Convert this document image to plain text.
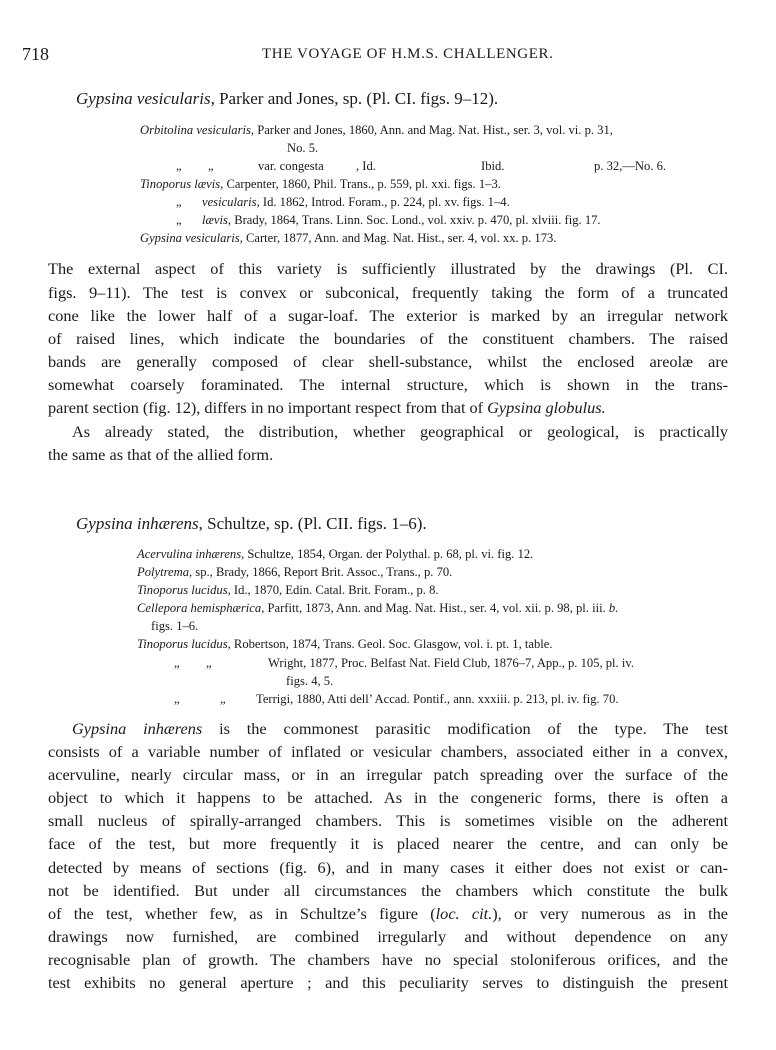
718	THE VOYAGE OF H.M.S. CHALLENGER.
Gypsina vesicularis, Parker and Jones, sp. (Pl. CI. figs. 9–12).
Orbitolina vesicularis, Parker and Jones, 1860, Ann. and Mag. Nat. Hist., ser. 3, vol. vi. p. 31,
No. 5.
„ „	var. congesta	, Id.	Ibid.	p. 32,—No. 6.
Tinoporus lævis, Carpenter, 1860, Phil. Trans., p. 559, pl. xxi. figs. 1–3.
„ vesicularis, Id. 1862, Introd. Foram., p. 224, pl. xv. figs. 1–4.
„ lævis, Brady, 1864, Trans. Linn. Soc. Lond., vol. xxiv. p. 470, pl. xlviii. fig. 17.
Gypsina vesicularis, Carter, 1877, Ann. and Mag. Nat. Hist., ser. 4, vol. xx. p. 173.
The external aspect of this variety is sufficiently illustrated by the drawings (Pl. CI.
figs. 9–11). The test is convex or subconical, frequently taking the form of a truncated
cone like the lower half of a sugar-loaf. The exterior is marked by an irregular network
of raised lines, which indicate the boundaries of the constituent chambers. The raised
bands are generally composed of clear shell-substance, whilst the enclosed areolæ are
somewhat coarsely foraminated. The internal structure, which is shown in the trans-
parent section (fig. 12), differs in no important respect from that of Gypsina globulus.
As already stated, the distribution, whether geographical or geological, is practically
the same as that of the allied form.
Gypsina inhærens, Schultze, sp. (Pl. CII. figs. 1–6).
Acervulina inhærens, Schultze, 1854, Organ. der Polythal. p. 68, pl. vi. fig. 12.
Polytrema, sp., Brady, 1866, Report Brit. Assoc., Trans., p. 70.
Tinoporus lucidus, Id., 1870, Edin. Catal. Brit. Foram., p. 8.
Cellepora hemisphærica, Parfitt, 1873, Ann. and Mag. Nat. Hist., ser. 4, vol. xii. p. 98, pl. iii. b.
figs. 1–6.
Tinoporus lucidus, Robertson, 1874, Trans. Geol. Soc. Glasgow, vol. i. pt. 1, table.
„ „	Wright, 1877, Proc. Belfast Nat. Field Club, 1876–7, App., p. 105, pl. iv.
figs. 4, 5.
„	„ Terrigi, 1880, Atti dell’ Accad. Pontif., ann. xxxiii. p. 213, pl. iv. fig. 70.
Gypsina inhærens is the commonest parasitic modification of the type. The test
consists of a variable number of inflated or vesicular chambers, associated either in a convex,
acervuline, nearly circular mass, or in an irregular patch spreading over the surface of the
object to which it happens to be attached. As in the congeneric forms, there is often a
small nucleus of spirally-arranged chambers. This is sometimes visible on the adherent
face of the test, but more frequently it is placed nearer the centre, and can only be
detected by means of sections (fig. 6), and in many cases it either does not exist or can-
not be identified. But under all circumstances the chambers which constitute the bulk
of the test, whether few, as in Schultze’s figure (loc. cit.), or very numerous as in the
drawings now furnished, are combined irregularly and without dependence on any
recognisable plan of growth. The chambers have no special stoloniferous orifices, and the
test exhibits no general aperture ; and this peculiarity serves to distinguish the present
